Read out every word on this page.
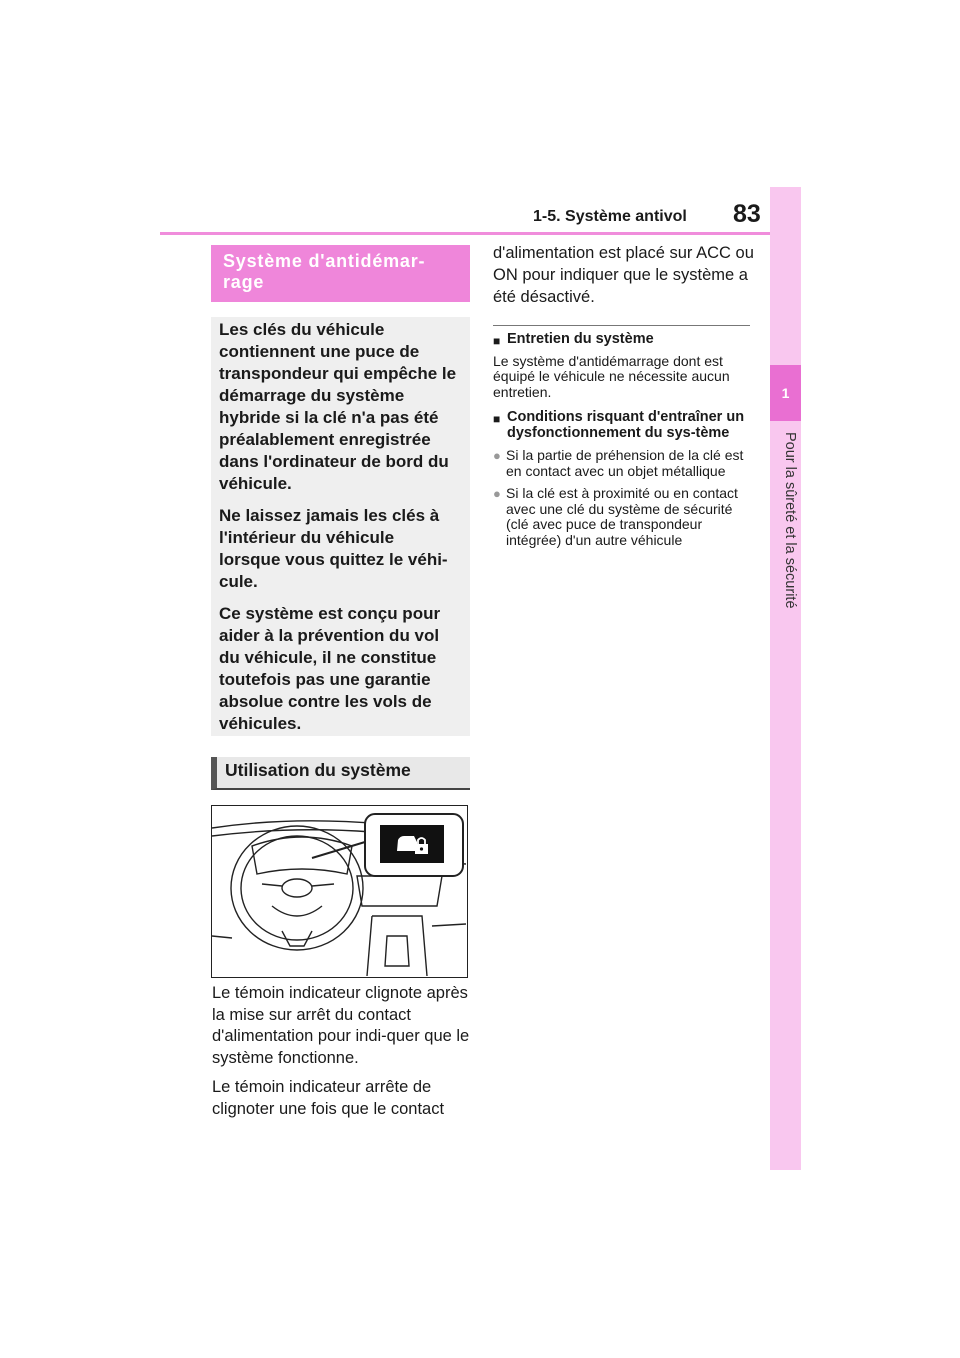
1-5. Système antivol 83
1
Pour la sûreté et la sécurité
Système d'antidémar-rage

Les clés du véhicule contiennent une puce de transpondeur qui empêche le démarrage du système hybride si la clé n'a pas été préalablement enregistrée dans l'ordinateur de bord du véhicule.

Ne laissez jamais les clés à l'intérieur du véhicule lorsque vous quittez le véhi-cule.

Ce système est conçu pour aider à la prévention du vol du véhicule, il ne constitue toutefois pas une garantie absolue contre les vols de véhicules.

Utilisation du système

Le témoin indicateur clignote après la mise sur arrêt du contact d'alimentation pour indi-quer que le système fonctionne.

Le témoin indicateur arrête de clignoter une fois que le contact

d'alimentation est placé sur ACC ou ON pour indiquer que le système a été désactivé.

■ Entretien du système

Le système d'antidémarrage dont est équipé le véhicule ne nécessite aucun entretien.

■ Conditions risquant d'entraîner un dysfonctionnement du sys-tème

● Si la partie de préhension de la clé est en contact avec un objet métallique

● Si la clé est à proximité ou en contact avec une clé du système de sécurité (clé avec puce de transpondeur intégrée) d'un autre véhicule
